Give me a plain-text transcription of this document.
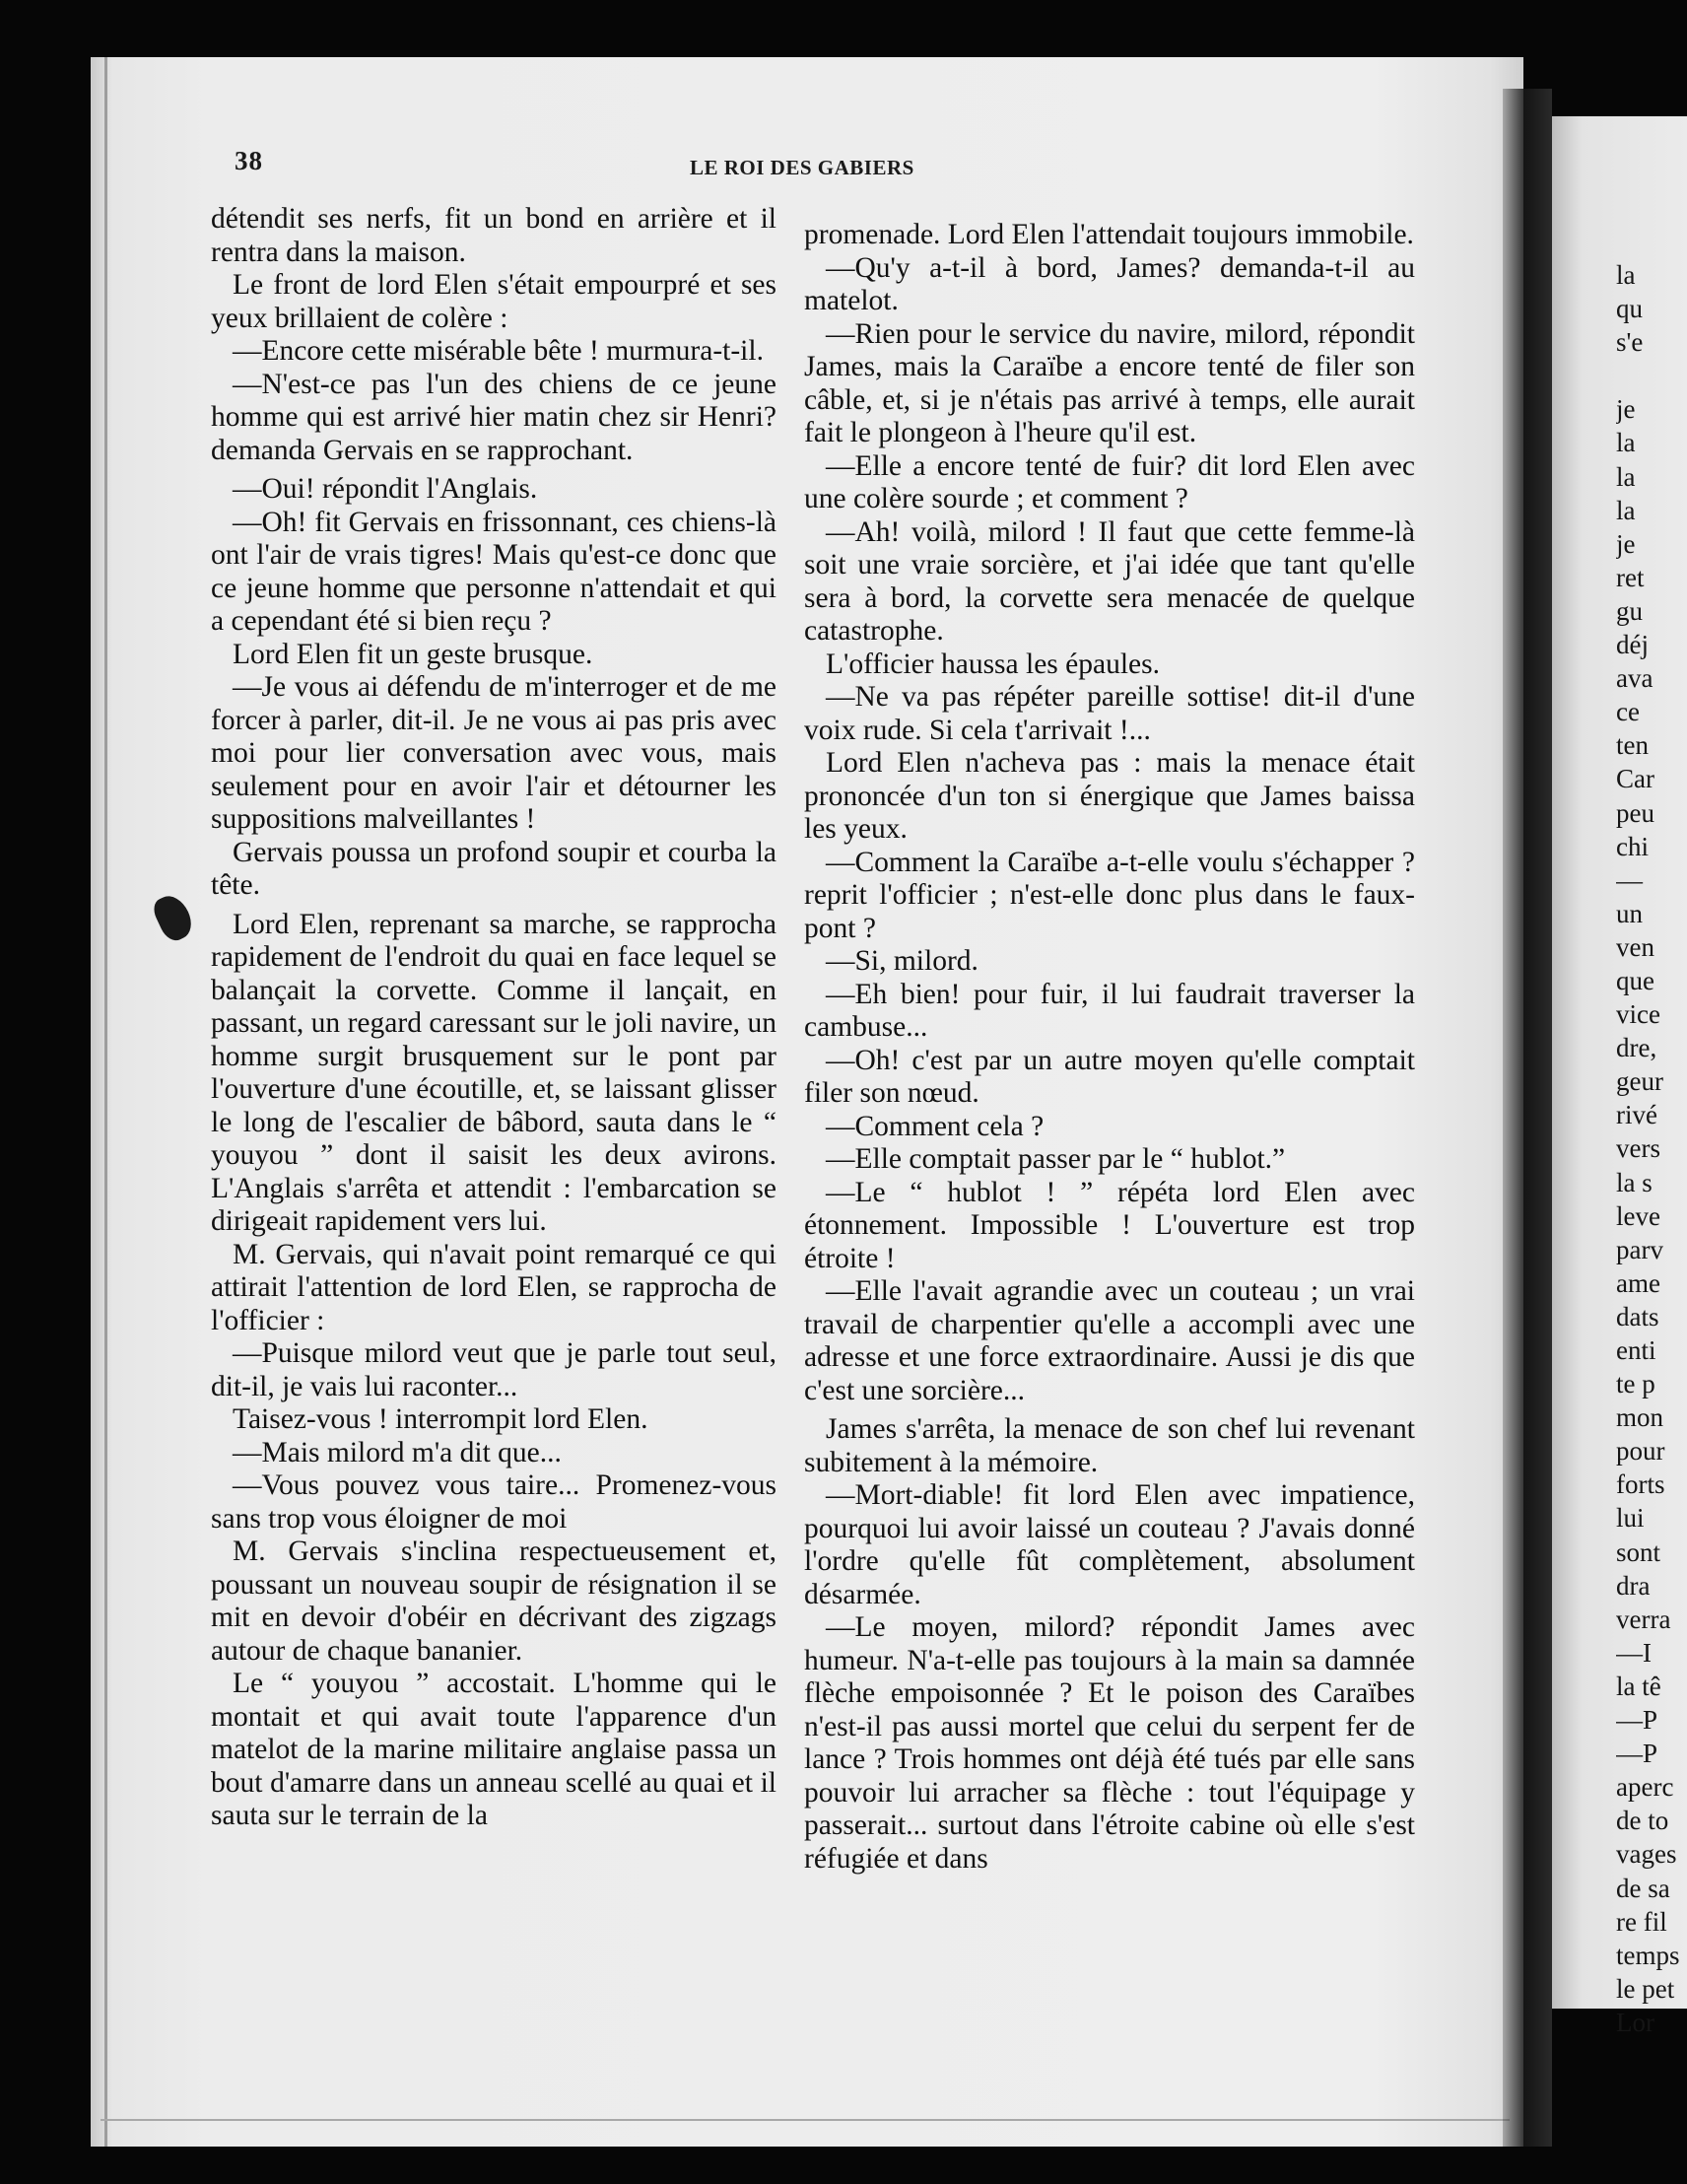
38	LE ROI DES GABIERS

détendit ses nerfs, fit un bond en arrière et il rentra dans la maison.

Le front de lord Elen s'était empourpré et ses yeux brillaient de colère :

—Encore cette misérable bête ! murmura-t-il.

—N'est-ce pas l'un des chiens de ce jeune homme qui est arrivé hier matin chez sir Henri? demanda Gervais en se rapprochant.

—Oui! répondit l'Anglais.

—Oh! fit Gervais en frissonnant, ces chiens-là ont l'air de vrais tigres! Mais qu'est-ce donc que ce jeune homme que personne n'attendait et qui a cependant été si bien reçu ?

Lord Elen fit un geste brusque.

—Je vous ai défendu de m'interroger et de me forcer à parler, dit-il. Je ne vous ai pas pris avec moi pour lier conversation avec vous, mais seulement pour en avoir l'air et détourner les suppositions malveillantes !

Gervais poussa un profond soupir et courba la tête.

Lord Elen, reprenant sa marche, se rapprocha rapidement de l'endroit du quai en face lequel se balançait la corvette. Comme il lançait, en passant, un regard caressant sur le joli navire, un homme surgit brusquement sur le pont par l'ouverture d'une écoutille, et, se laissant glisser le long de l'escalier de bâbord, sauta dans le “ youyou ” dont il saisit les deux avirons. L'Anglais s'arrêta et attendit : l'embarcation se dirigeait rapidement vers lui.

M. Gervais, qui n'avait point remarqué ce qui attirait l'attention de lord Elen, se rapprocha de l'officier :

—Puisque milord veut que je parle tout seul, dit-il, je vais lui raconter...

Taisez-vous ! interrompit lord Elen.

—Mais milord m'a dit que...

—Vous pouvez vous taire... Promenez-vous sans trop vous éloigner de moi

M. Gervais s'inclina respectueusement et, poussant un nouveau soupir de résignation il se mit en devoir d'obéir en décrivant des zigzags autour de chaque bananier.

Le “ youyou ” accostait. L'homme qui le montait et qui avait toute l'apparence d'un matelot de la marine militaire anglaise passa un bout d'amarre dans un anneau scellé au quai et il sauta sur le terrain de la

promenade. Lord Elen l'attendait toujours immobile.

—Qu'y a-t-il à bord, James? demanda-t-il au matelot.

—Rien pour le service du navire, milord, répondit James, mais la Caraïbe a encore tenté de filer son câble, et, si je n'étais pas arrivé à temps, elle aurait fait le plongeon à l'heure qu'il est.

—Elle a encore tenté de fuir? dit lord Elen avec une colère sourde ; et comment ?

—Ah! voilà, milord ! Il faut que cette femme-là soit une vraie sorcière, et j'ai idée que tant qu'elle sera à bord, la corvette sera menacée de quelque catastrophe.

L'officier haussa les épaules.

—Ne va pas répéter pareille sottise! dit-il d'une voix rude. Si cela t'arrivait !...

Lord Elen n'acheva pas : mais la menace était prononcée d'un ton si énergique que James baissa les yeux.

—Comment la Caraïbe a-t-elle voulu s'échapper ? reprit l'officier ; n'est-elle donc plus dans le faux-pont ?

—Si, milord.

—Eh bien! pour fuir, il lui faudrait traverser la cambuse...

—Oh! c'est par un autre moyen qu'elle comptait filer son nœud.

—Comment cela ?

—Elle comptait passer par le “ hublot.”

—Le “ hublot ! ” répéta lord Elen avec étonnement. Impossible ! L'ouverture est trop étroite !

—Elle l'avait agrandie avec un couteau ; un vrai travail de charpentier qu'elle a accompli avec une adresse et une force extraordinaire. Aussi je dis que c'est une sorcière...

James s'arrêta, la menace de son chef lui revenant subitement à la mémoire.

—Mort-diable! fit lord Elen avec impatience, pourquoi lui avoir laissé un couteau ? J'avais donné l'ordre qu'elle fût complètement, absolument désarmée.

—Le moyen, milord? répondit James avec humeur. N'a-t-elle pas toujours à la main sa damnée flèche empoisonnée ? Et le poison des Caraïbes n'est-il pas aussi mortel que celui du serpent fer de lance ? Trois hommes ont déjà été tués par elle sans pouvoir lui arracher sa flèche : tout l'équipage y passerait... surtout dans l'étroite cabine où elle s'est réfugiée et dans

la
qu
s'e
je
la
la
la
je
ret
gu
déj
ava
ce
ten
Car
peu
chi
—
un
ven
que
vice
dre,
geur
rivé
vers
la s
leve
parv
ame
dats
enti
te p
mon
pour
forts
lui
sont
dra
verra
—I
la tê
—P
—P
aperc
de to
vages
de sa
re fil
temps
le pet
Lor
